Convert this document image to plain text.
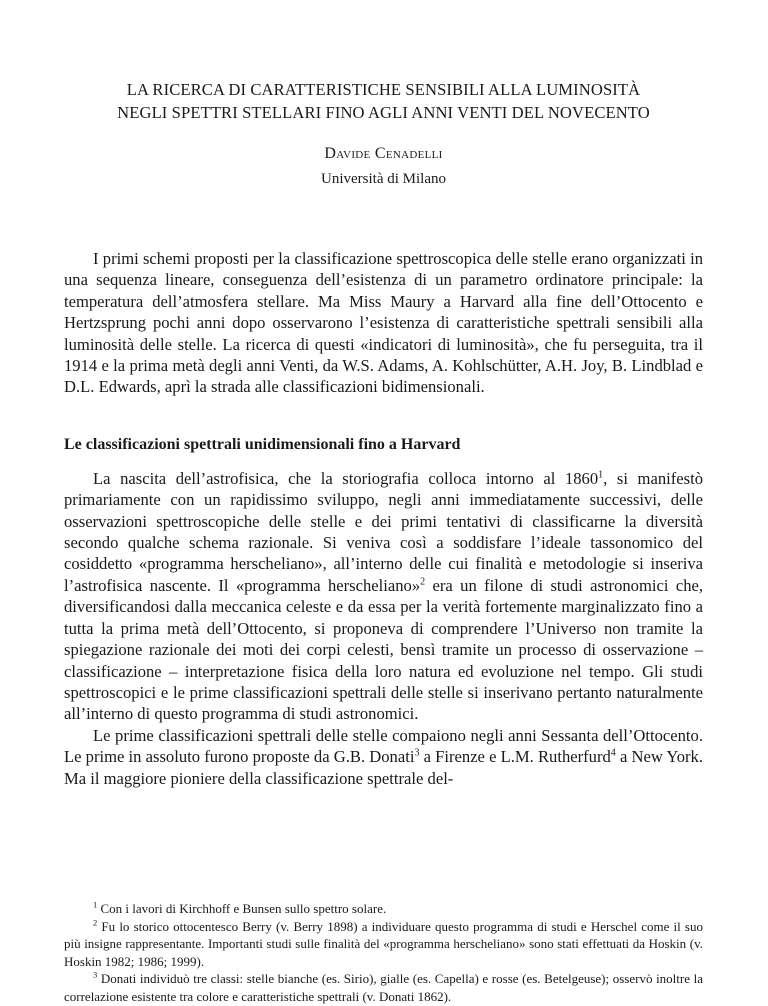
LA RICERCA DI CARATTERISTICHE SENSIBILI ALLA LUMINOSITÀ
NEGLI SPETTRI STELLARI FINO AGLI ANNI VENTI DEL NOVECENTO

Davide Cenadelli

Università di Milano

I primi schemi proposti per la classificazione spettroscopica delle stelle erano organizzati in una sequenza lineare, conseguenza dell’esistenza di un parametro ordinatore principale: la temperatura dell’atmosfera stellare. Ma Miss Maury a Harvard alla fine dell’Ottocento e Hertzsprung pochi anni dopo osservarono l’esistenza di caratteristiche spettrali sensibili alla luminosità delle stelle. La ricerca di questi «indicatori di luminosità», che fu perseguita, tra il 1914 e la prima metà degli anni Venti, da W.S. Adams, A. Kohlschütter, A.H. Joy, B. Lindblad e D.L. Edwards, aprì la strada alle classificazioni bidimensionali.

Le classificazioni spettrali unidimensionali fino a Harvard

La nascita dell’astrofisica, che la storiografia colloca intorno al 1860$^1$, si manifestò primariamente con un rapidissimo sviluppo, negli anni immediatamente successivi, delle osservazioni spettroscopiche delle stelle e dei primi tentativi di classificarne la diversità secondo qualche schema razionale. Si veniva così a soddisfare l’ideale tassonomico del cosiddetto «programma herscheliano», all’interno delle cui finalità e metodologie si inseriva l’astrofisica nascente. Il «programma herscheliano»$^2$ era un filone di studi astronomici che, diversificandosi dalla meccanica celeste e da essa per la verità fortemente marginalizzato fino a tutta la prima metà dell’Ottocento, si proponeva di comprendere l’Universo non tramite la spiegazione razionale dei moti dei corpi celesti, bensì tramite un processo di osservazione – classificazione – interpretazione fisica della loro natura ed evoluzione nel tempo. Gli studi spettroscopici e le prime classificazioni spettrali delle stelle si inserivano pertanto naturalmente all’interno di questo programma di studi astronomici.

Le prime classificazioni spettrali delle stelle compaiono negli anni Sessanta dell’Ottocento. Le prime in assoluto furono proposte da G.B. Donati$^3$ a Firenze e L.M. Rutherfurd$^4$ a New York. Ma il maggiore pioniere della classificazione spettrale del-

$^1$ Con i lavori di Kirchhoff e Bunsen sullo spettro solare.

$^2$ Fu lo storico ottocentesco Berry (v. Berry 1898) a individuare questo programma di studi e Herschel come il suo più insigne rappresentante. Importanti studi sulle finalità del «programma herscheliano» sono stati effettuati da Hoskin (v. Hoskin 1982; 1986; 1999).

$^3$ Donati individuò tre classi: stelle bianche (es. Sirio), gialle (es. Capella) e rosse (es. Betelgeuse); osservò inoltre la correlazione esistente tra colore e caratteristiche spettrali (v. Donati 1862).
